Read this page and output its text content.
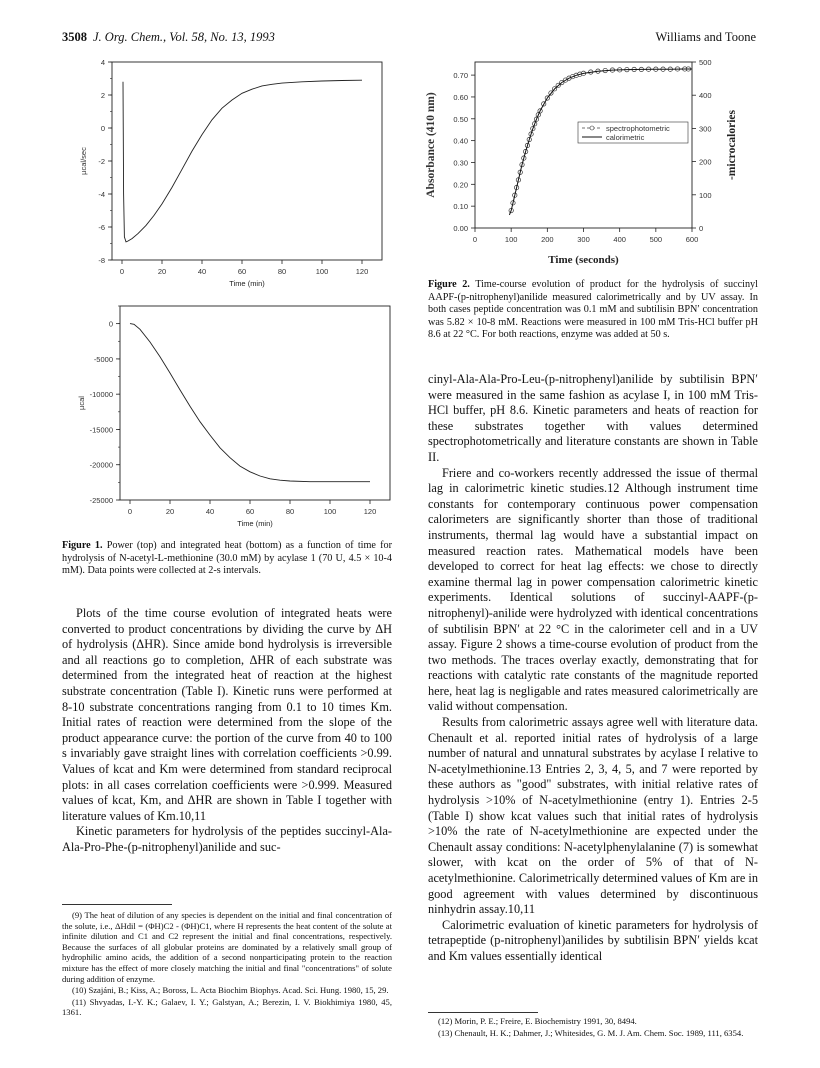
3508 J. Org. Chem., Vol. 58, No. 13, 1993	Williams and Toone
0	20	40	60	80	100	120
4
2
0
-2
-4
-6
-8
Time (min)
µcal/sec
0	20	40	60	80	100	120
0
-5000
-10000
-15000
-20000
-25000
Time (min)
µcal
0	100	200	300	400	500	600
0.00
0.10
0.20
0.30
0.40
0.50
0.60
0.70
0
100
200
300
400
500
Time (seconds)
Absorbance (410 nm)	-microcalories
spectrophotometric
calorimetric
Figure 1. Power (top) and integrated heat (bottom) as a function of time for hydrolysis of N-acetyl-L-methionine (30.0 mM) by acylase 1 (70 U, 4.5 × 10-4 mM). Data points were collected at 2-s intervals.
Figure 2. Time-course evolution of product for the hydrolysis of succinyl AAPF-(p-nitrophenyl)anilide measured calorimetrically and by UV assay. In both cases peptide concentration was 0.1 mM and subtilisin BPN′ concentration was 5.82 × 10-8 mM. Reactions were measured in 100 mM Tris-HCl buffer pH 8.6 at 22 °C. For both reactions, enzyme was added at 50 s.

Plots of the time course evolution of integrated heats were converted to product concentrations by dividing the curve by ΔH of hydrolysis (ΔHR). Since amide bond hydrolysis is irreversible and all reactions go to completion, ΔHR of each substrate was determined from the integrated heat of reaction at the highest substrate concentration (Table I). Kinetic runs were performed at 8-10 substrate concentrations ranging from 0.1 to 10 times Km. Initial rates of reaction were determined from the slope of the product appearance curve: the portion of the curve from 40 to 100 s invariably gave straight lines with correlation coefficients >0.99. Values of kcat and Km were determined from standard reciprocal plots: in all cases correlation coefficients were >0.999. Measured values of kcat, Km, and ΔHR are shown in Table I together with literature values of Km.10,11

Kinetic parameters for hydrolysis of the peptides succinyl-Ala-Ala-Pro-Phe-(p-nitrophenyl)anilide and suc-

cinyl-Ala-Ala-Pro-Leu-(p-nitrophenyl)anilide by subtilisin BPN′ were measured in the same fashion as acylase I, in 100 mM Tris-HCl buffer, pH 8.6. Kinetic parameters and heats of reaction for these substrates together with values determined spectrophotometrically and literature constants are shown in Table II.

Friere and co-workers recently addressed the issue of thermal lag in calorimetric kinetic studies.12 Although instrument time constants for contemporary continuous power compensation calorimeters are significantly shorter than those of traditional instruments, thermal lag would have a substantial impact on measured reaction rates. Mathematical models have been developed to correct for heat lag effects: we chose to directly examine thermal lag in power compensation calorimetric kinetic experiments. Identical solutions of succinyl-AAPF-(p-nitrophenyl)-anilide were hydrolyzed with identical concentrations of subtilisin BPN′ at 22 °C in the calorimeter cell and in a UV assay. Figure 2 shows a time-course evolution of product from the two methods. The traces overlay exactly, demonstrating that for reactions with catalytic rate constants of the magnitude reported here, heat lag is negligable and rates measured calorimetrically are valid without compensation.

Results from calorimetric assays agree well with literature data. Chenault et al. reported initial rates of hydrolysis of a large number of natural and unnatural substrates by acylase I relative to N-acetylmethionine.13 Entries 2, 3, 4, 5, and 7 were reported by these authors as "good" substrates, with initial relative rates of hydrolysis >10% of N-acetylmethionine (entry 1). Entries 2-5 (Table I) show kcat values such that initial rates of hydrolysis >10% the rate of N-acetylmethionine are expected under the Chenault assay conditions: N-acetylphenylalanine (7) is somewhat slower, with kcat on the order of 5% of that of N-acetylmethionine. Calorimetrically determined values of Km are in good agreement with values determined by discontinuous ninhydrin assay.10,11

Calorimetric evaluation of kinetic parameters for hydrolysis of tetrapeptide (p-nitrophenyl)anilides by subtilisin BPN′ yields kcat and Km values essentially identical

(9) The heat of dilution of any species is dependent on the initial and final concentration of the solute, i.e., ΔHdil = (ΦH)C2 - (ΦH)C1, where H represents the heat content of the solute at infinite dilution and C1 and C2 represent the initial and final concentrations, respectively. Because the surfaces of all globular proteins are dominated by a relatively small group of hydrophilic amino acids, the addition of a second nonparticipating protein to the reaction mixture has the effect of more closely matching the initial and final "concentrations" of solute during addition of enzyme.

(10) Szajáni, B.; Kiss, A.; Boross, L. Acta Biochim Biophys. Acad. Sci. Hung. 1980, 15, 29.

(11) Shvyadas, I.-Y. K.; Galaev, I. Y.; Galstyan, A.; Berezin, I. V. Biokhimiya 1980, 45, 1361.

(12) Morin, P. E.; Freire, E. Biochemistry 1991, 30, 8494.

(13) Chenault, H. K.; Dahmer, J.; Whitesides, G. M. J. Am. Chem. Soc. 1989, 111, 6354.
